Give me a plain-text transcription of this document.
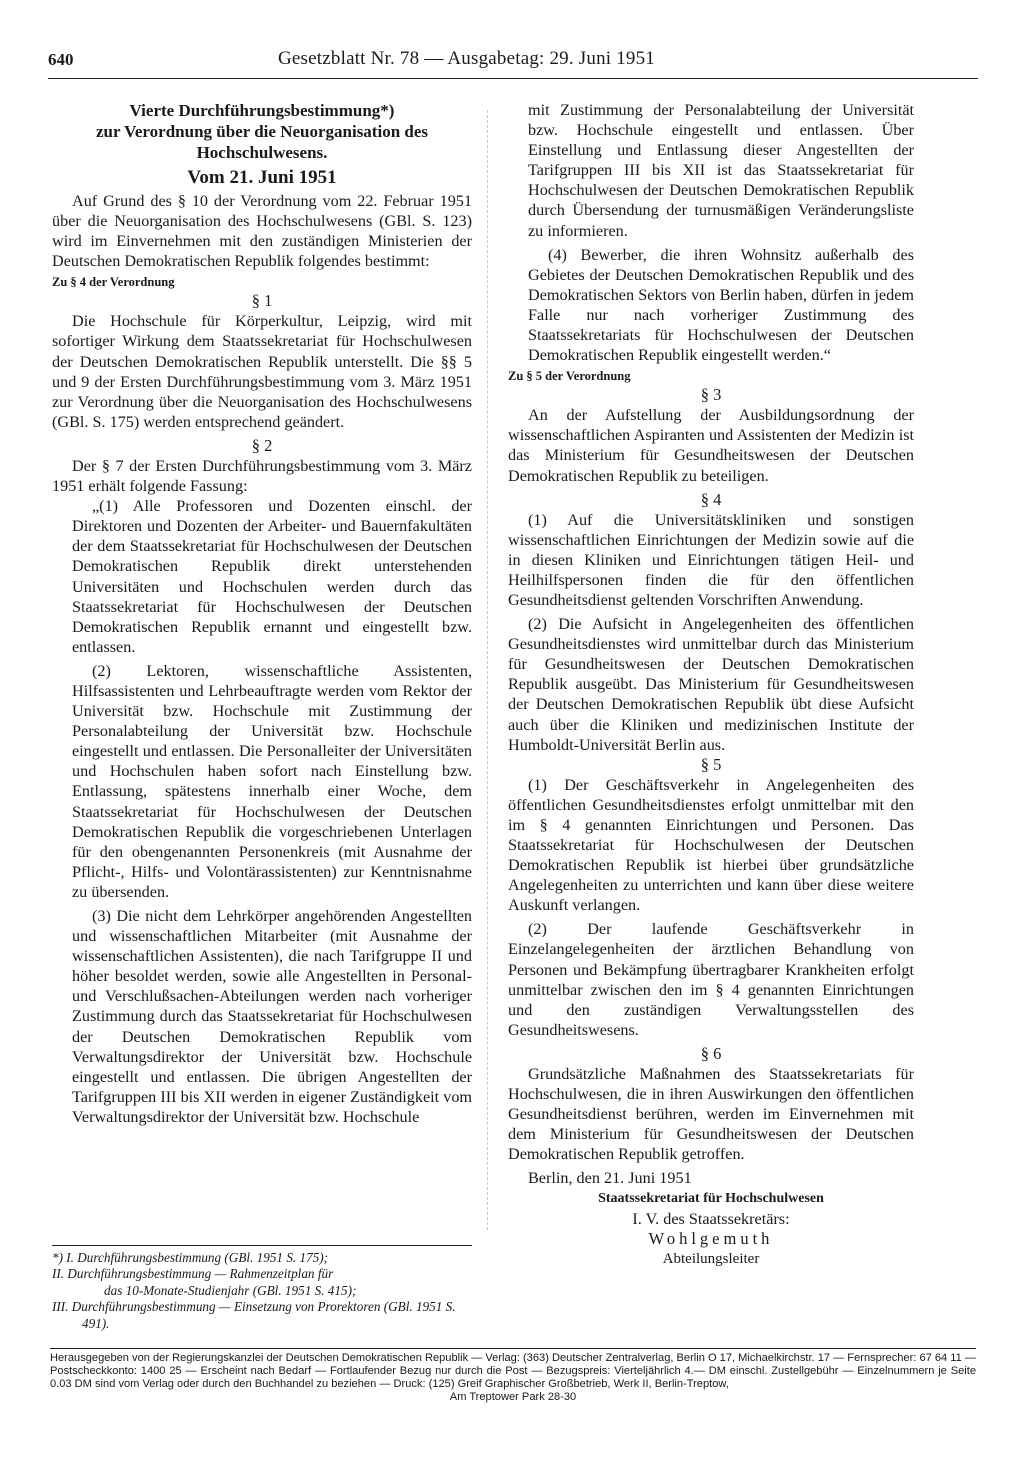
640	Gesetzblatt Nr. 78 — Ausgabetag: 29. Juni 1951

Vierte Durchführungsbestimmung*)

zur Verordnung über die Neuorganisation des

Hochschulwesens.

Vom 21. Juni 1951

Auf Grund des § 10 der Verordnung vom 22. Februar 1951 über die Neuorganisation des Hochschulwesens (GBl. S. 123) wird im Einvernehmen mit den zuständigen Ministerien der Deutschen Demokratischen Republik folgendes bestimmt:

Zu § 4 der Verordnung

§ 1

Die Hochschule für Körperkultur, Leipzig, wird mit sofortiger Wirkung dem Staatssekretariat für Hochschulwesen der Deutschen Demokratischen Republik unterstellt. Die §§ 5 und 9 der Ersten Durchführungsbestimmung vom 3. März 1951 zur Verordnung über die Neuorganisation des Hochschulwesens (GBl. S. 175) werden entsprechend geändert.

§ 2

Der § 7 der Ersten Durchführungsbestimmung vom 3. März 1951 erhält folgende Fassung:

„(1) Alle Professoren und Dozenten einschl. der Direktoren und Dozenten der Arbeiter- und Bauernfakultäten der dem Staatssekretariat für Hochschulwesen der Deutschen Demokratischen Republik direkt unterstehenden Universitäten und Hochschulen werden durch das Staatssekretariat für Hochschulwesen der Deutschen Demokratischen Republik ernannt und eingestellt bzw. entlassen.

(2) Lektoren, wissenschaftliche Assistenten, Hilfsassistenten und Lehrbeauftragte werden vom Rektor der Universität bzw. Hochschule mit Zustimmung der Personalabteilung der Universität bzw. Hochschule eingestellt und entlassen. Die Personalleiter der Universitäten und Hochschulen haben sofort nach Einstellung bzw. Entlassung, spätestens innerhalb einer Woche, dem Staatssekretariat für Hochschulwesen der Deutschen Demokratischen Republik die vorgeschriebenen Unterlagen für den obengenannten Personenkreis (mit Ausnahme der Pflicht-, Hilfs- und Volontärassistenten) zur Kenntnisnahme zu übersenden.

(3) Die nicht dem Lehrkörper angehörenden Angestellten und wissenschaftlichen Mitarbeiter (mit Ausnahme der wissenschaftlichen Assistenten), die nach Tarifgruppe II und höher besoldet werden, sowie alle Angestellten in Personal- und Verschlußsachen-Abteilungen werden nach vorheriger Zustimmung durch das Staatssekretariat für Hochschulwesen der Deutschen Demokratischen Republik vom Verwaltungsdirektor der Universität bzw. Hochschule eingestellt und entlassen. Die übrigen Angestellten der Tarifgruppen III bis XII werden in eigener Zuständigkeit vom Verwaltungsdirektor der Universität bzw. Hochschule

mit Zustimmung der Personalabteilung der Universität bzw. Hochschule eingestellt und entlassen. Über Einstellung und Entlassung dieser Angestellten der Tarifgruppen III bis XII ist das Staatssekretariat für Hochschulwesen der Deutschen Demokratischen Republik durch Übersendung der turnusmäßigen Veränderungsliste zu informieren.

(4) Bewerber, die ihren Wohnsitz außerhalb des Gebietes der Deutschen Demokratischen Republik und des Demokratischen Sektors von Berlin haben, dürfen in jedem Falle nur nach vorheriger Zustimmung des Staatssekretariats für Hochschulwesen der Deutschen Demokratischen Republik eingestellt werden.“

Zu § 5 der Verordnung

§ 3

An der Aufstellung der Ausbildungsordnung der wissenschaftlichen Aspiranten und Assistenten der Medizin ist das Ministerium für Gesundheitswesen der Deutschen Demokratischen Republik zu beteiligen.

§ 4

(1) Auf die Universitätskliniken und sonstigen wissenschaftlichen Einrichtungen der Medizin sowie auf die in diesen Kliniken und Einrichtungen tätigen Heil- und Heilhilfspersonen finden die für den öffentlichen Gesundheitsdienst geltenden Vorschriften Anwendung.

(2) Die Aufsicht in Angelegenheiten des öffentlichen Gesundheitsdienstes wird unmittelbar durch das Ministerium für Gesundheitswesen der Deutschen Demokratischen Republik ausgeübt. Das Ministerium für Gesundheitswesen der Deutschen Demokratischen Republik übt diese Aufsicht auch über die Kliniken und medizinischen Institute der Humboldt-Universität Berlin aus.

§ 5

(1) Der Geschäftsverkehr in Angelegenheiten des öffentlichen Gesundheitsdienstes erfolgt unmittelbar mit den im § 4 genannten Einrichtungen und Personen. Das Staatssekretariat für Hochschulwesen der Deutschen Demokratischen Republik ist hierbei über grundsätzliche Angelegenheiten zu unterrichten und kann über diese weitere Auskunft verlangen.

(2) Der laufende Geschäftsverkehr in Einzelangelegenheiten der ärztlichen Behandlung von Personen und Bekämpfung übertragbarer Krankheiten erfolgt unmittelbar zwischen den im § 4 genannten Einrichtungen und den zuständigen Verwaltungsstellen des Gesundheitswesens.

§ 6

Grundsätzliche Maßnahmen des Staatssekretariats für Hochschulwesen, die in ihren Auswirkungen den öffentlichen Gesundheitsdienst berühren, werden im Einvernehmen mit dem Ministerium für Gesundheitswesen der Deutschen Demokratischen Republik getroffen.

Berlin, den 21. Juni 1951

Staatssekretariat für Hochschulwesen

I. V. des Staatssekretärs:

Wohlgemuth

Abteilungsleiter

*) I. Durchführungsbestimmung (GBl. 1951 S. 175);

II. Durchführungsbestimmung — Rahmenzeitplan für

das 10-Monate-Studienjahr (GBl. 1951 S. 415);

III. Durchführungsbestimmung — Einsetzung von Prorektoren (GBl. 1951 S. 491).

Herausgegeben von der Regierungskanzlei der Deutschen Demokratischen Republik — Verlag: (363) Deutscher Zentralverlag, Berlin O 17, Michaelkirchstr. 17 — Fernsprecher: 67 64 11 — Postscheckkonto: 1400 25 — Erscheint nach Bedarf — Fortlaufender Bezug nur durch die Post — Bezugspreis: Vierteljährlich 4.— DM einschl. Zustellgebühr — Einzelnummern je Seite 0.03 DM sind vom Verlag oder durch den Buchhandel zu beziehen — Druck: (125) Greif Graphischer Großbetrieb, Werk II, Berlin-Treptow,

Am Treptower Park 28-30
